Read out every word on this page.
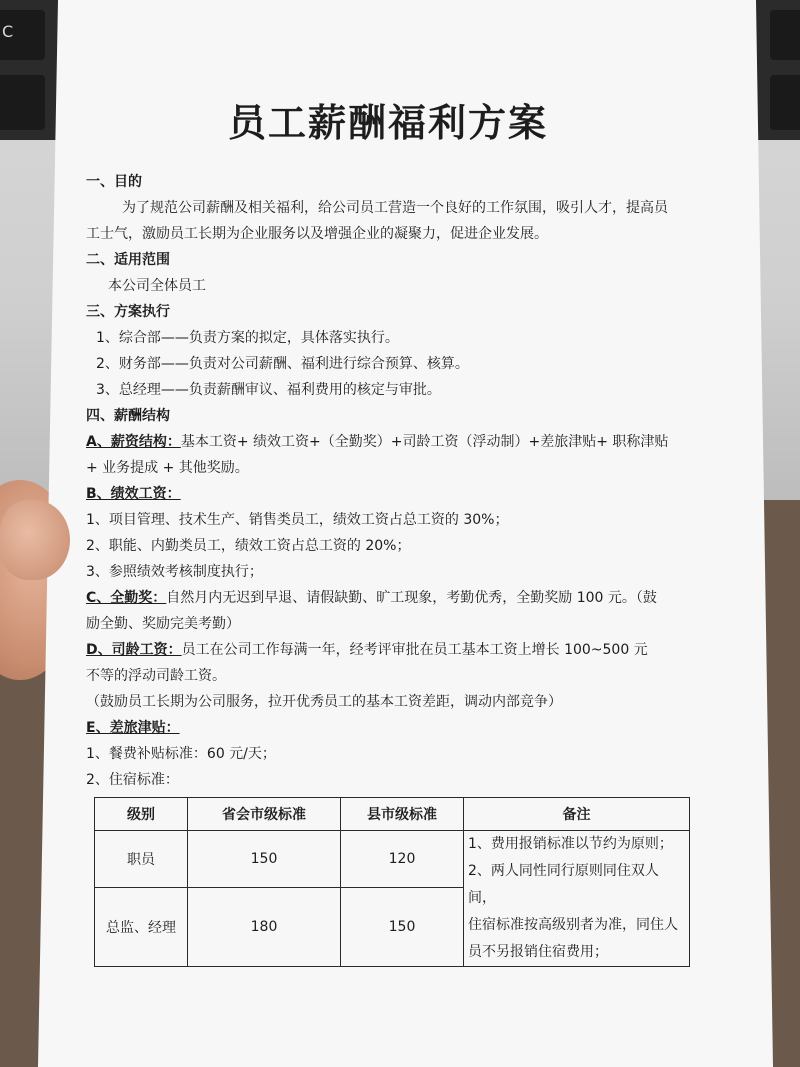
C
员工薪酬福利方案
一、目的
为了规范公司薪酬及相关福利，给公司员工营造一个良好的工作氛围，吸引人才，提高员
工士气，激励员工长期为企业服务以及增强企业的凝聚力，促进企业发展。
二、适用范围
本公司全体员工
三、方案执行
1、综合部——负责方案的拟定，具体落实执行。
2、财务部——负责对公司薪酬、福利进行综合预算、核算。
3、总经理——负责薪酬审议、福利费用的核定与审批。
四、薪酬结构
A、薪资结构：基本工资+ 绩效工资+（全勤奖）+司龄工资（浮动制）+差旅津贴+ 职称津贴
+ 业务提成 + 其他奖励。
B、绩效工资：
1、项目管理、技术生产、销售类员工，绩效工资占总工资的 30%；
2、职能、内勤类员工，绩效工资占总工资的 20%；
3、参照绩效考核制度执行；
C、全勤奖：自然月内无迟到早退、请假缺勤、旷工现象，考勤优秀，全勤奖励 100 元。（鼓
励全勤、奖励完美考勤）
D、司龄工资：员工在公司工作每满一年，经考评审批在员工基本工资上增长 100~500 元
不等的浮动司龄工资。
（鼓励员工长期为公司服务，拉开优秀员工的基本工资差距，调动内部竞争）
E、差旅津贴：
1、餐费补贴标准：60 元/天；
2、住宿标准：
级别	省会市级标准	县市级标准	备注
职员	150	120	1、费用报销标准以节约为原则；
2、两人同性同行原则同住双人间，
住宿标准按高级别者为准，同住人
员不另报销住宿费用；

总监、经理	180	150	
